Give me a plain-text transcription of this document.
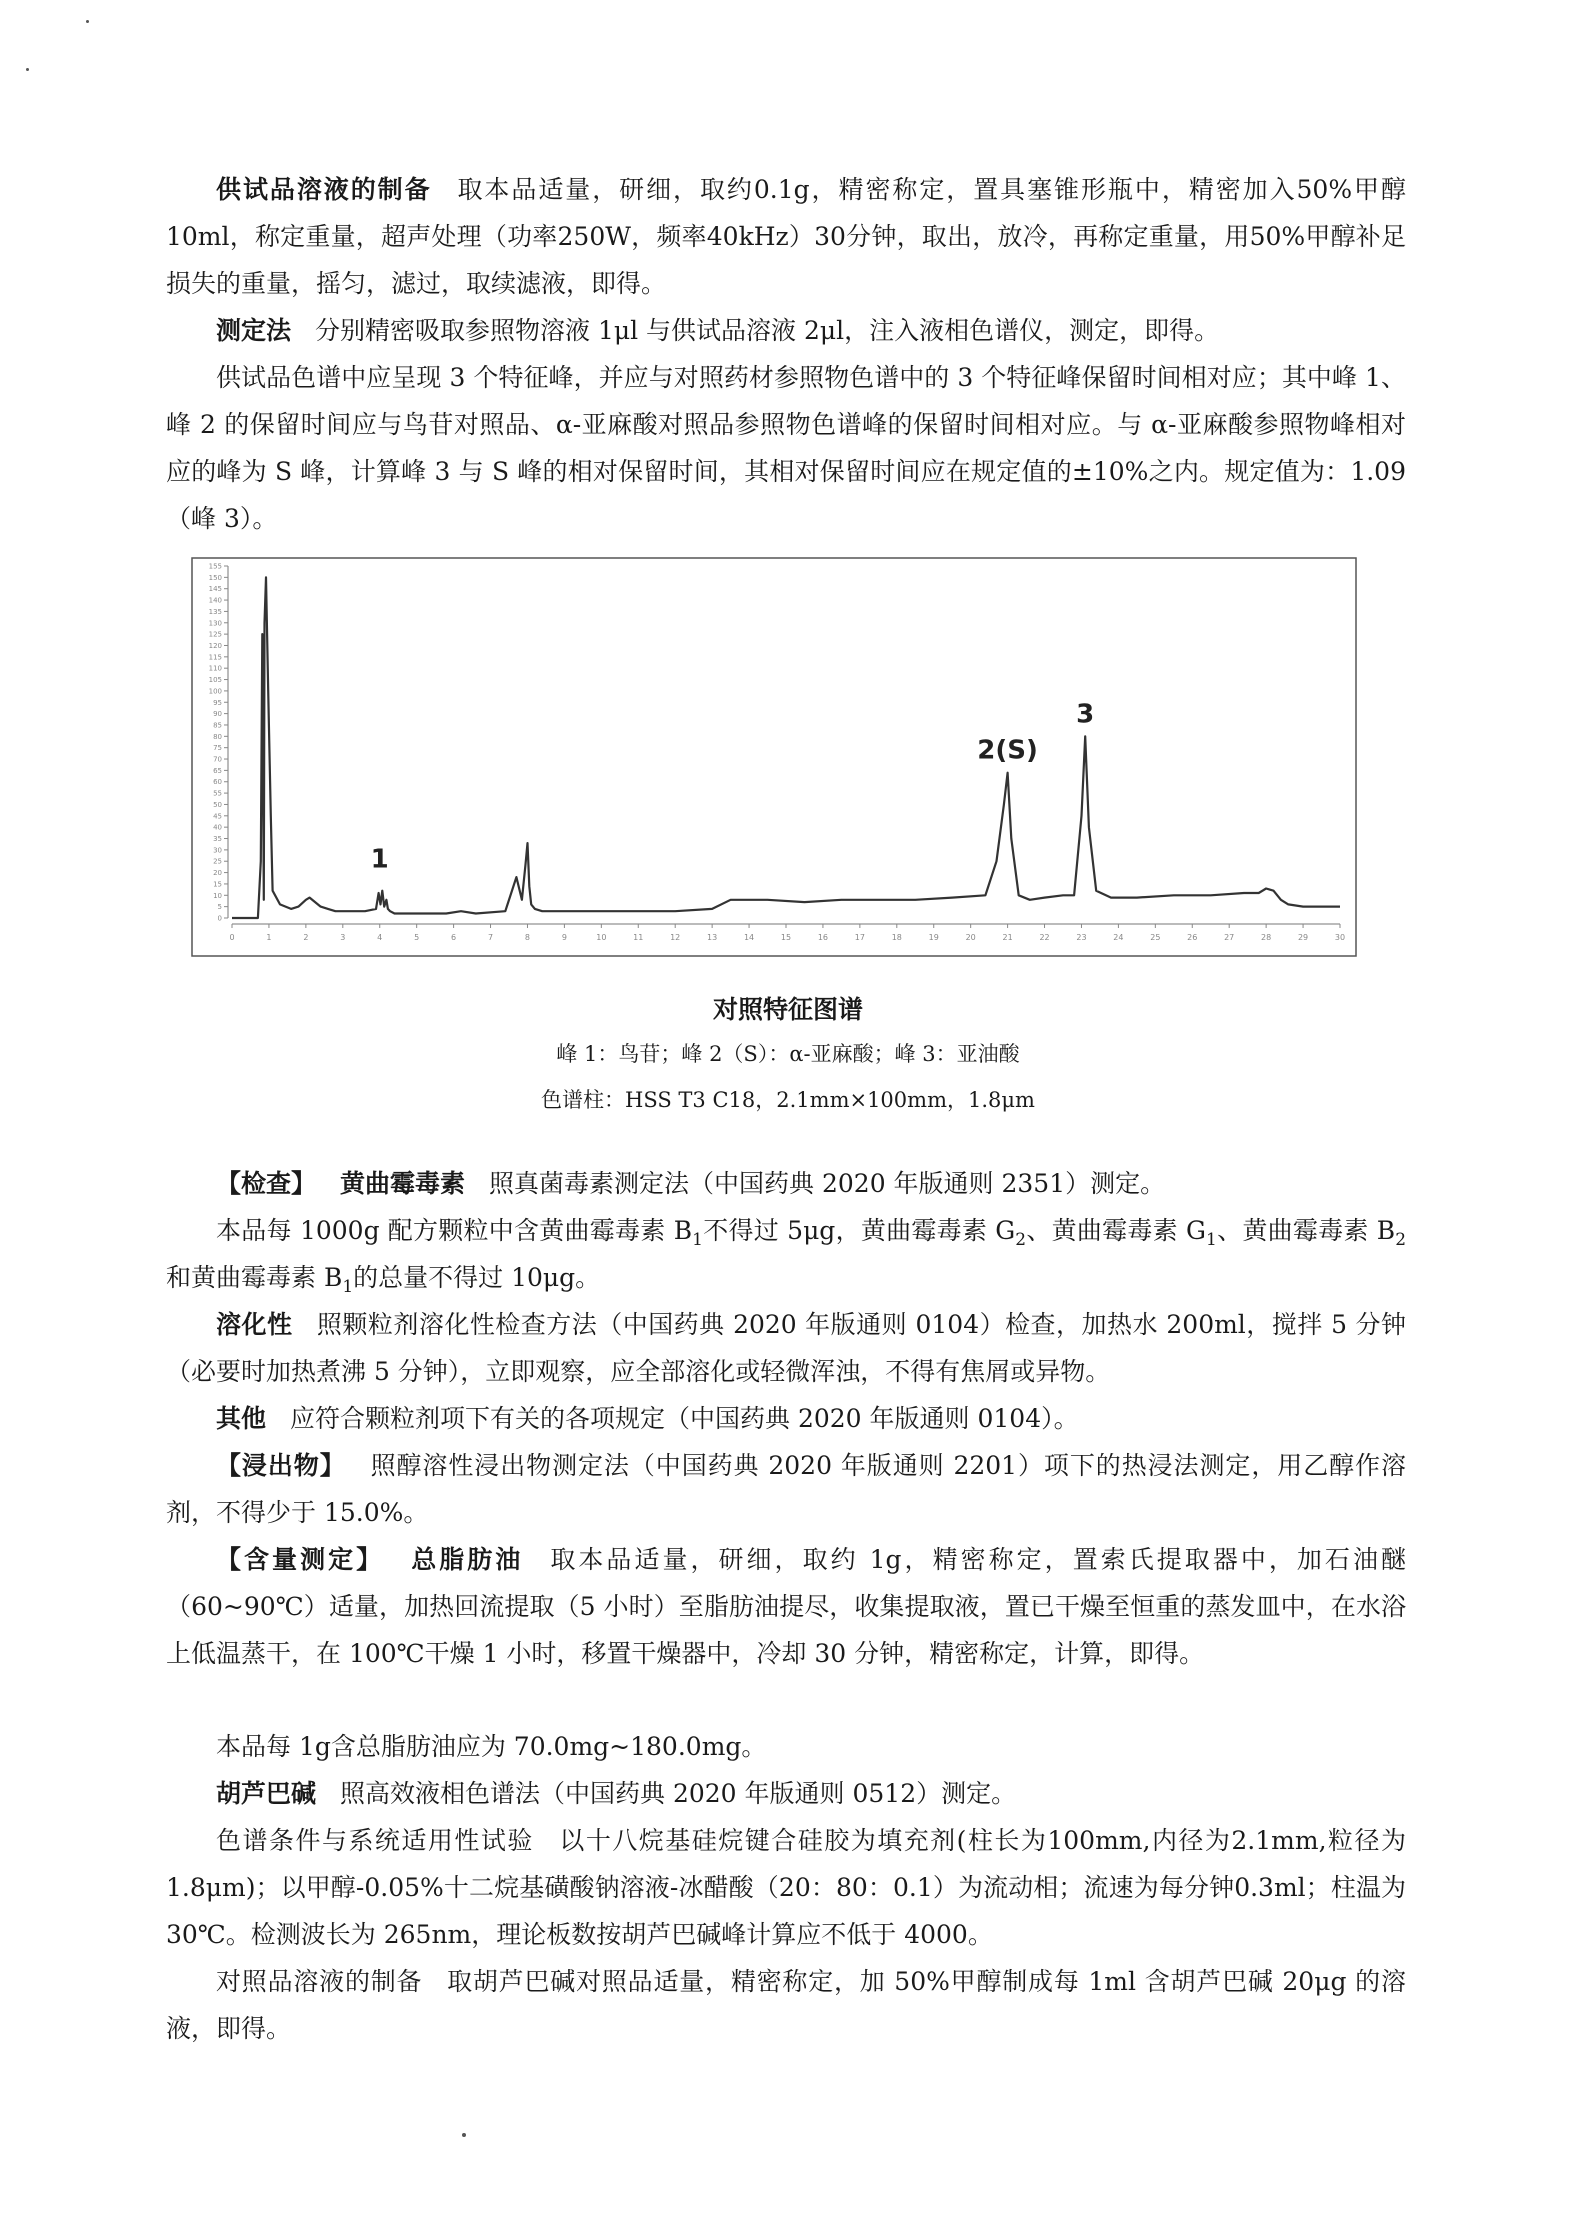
供试品溶液的制备 取本品适量，研细，取约0.1g，精密称定，置具塞锥形瓶中，精密加入50%甲醇10ml，称定重量，超声处理（功率250W，频率40kHz）30分钟，取出，放冷，再称定重量，用50%甲醇补足损失的重量，摇匀，滤过，取续滤液，即得。

测定法 分别精密吸取参照物溶液 1μl 与供试品溶液 2μl，注入液相色谱仪，测定，即得。

供试品色谱中应呈现 3 个特征峰，并应与对照药材参照物色谱中的 3 个特征峰保留时间相对应；其中峰 1、峰 2 的保留时间应与鸟苷对照品、α-亚麻酸对照品参照物色谱峰的保留时间相对应。与 α-亚麻酸参照物峰相对应的峰为 S 峰，计算峰 3 与 S 峰的相对保留时间，其相对保留时间应在规定值的±10%之内。规定值为：1.09（峰 3）。

0
5
10
15
20
25
30
35
40
45
50
55
60
65
70
75
80
85
90
95
100
105
110
115
120
125
130
135
140
145
150
155
0	1	2	3	4	5	6	7	8	9	10	11	12	13	14	15	16	17	18	19	20	21	22	23	24	25	26	27	28	29	30
1
2(S)
3

对照特征图谱

峰 1：鸟苷；峰 2（S）：α-亚麻酸；峰 3：亚油酸

色谱柱：HSS T3 C18，2.1mm×100mm，1.8μm

【检查】 黄曲霉毒素 照真菌毒素测定法（中国药典 2020 年版通则 2351）测定。

本品每 1000g 配方颗粒中含黄曲霉毒素 $B_1$不得过 5μg，黄曲霉毒素 $G_2$、黄曲霉毒素 $G_1$、黄曲霉毒素 $B_2$和黄曲霉毒素 $B_1$的总量不得过 10μg。

溶化性 照颗粒剂溶化性检查方法（中国药典 2020 年版通则 0104）检查，加热水 200ml，搅拌 5 分钟（必要时加热煮沸 5 分钟），立即观察，应全部溶化或轻微浑浊，不得有焦屑或异物。

其他 应符合颗粒剂项下有关的各项规定（中国药典 2020 年版通则 0104）。

【浸出物】 照醇溶性浸出物测定法（中国药典 2020 年版通则 2201）项下的热浸法测定，用乙醇作溶剂，不得少于 15.0%。

【含量测定】 总脂肪油 取本品适量，研细，取约 1g，精密称定，置索氏提取器中，加石油醚（60~90℃）适量，加热回流提取（5 小时）至脂肪油提尽，收集提取液，置已干燥至恒重的蒸发皿中，在水浴上低温蒸干，在 100℃干燥 1 小时，移置干燥器中，冷却 30 分钟，精密称定，计算，即得。

本品每 1g含总脂肪油应为 70.0mg~180.0mg。

胡芦巴碱 照高效液相色谱法（中国药典 2020 年版通则 0512）测定。

色谱条件与系统适用性试验 以十八烷基硅烷键合硅胶为填充剂(柱长为100mm,内径为2.1mm,粒径为1.8μm)；以甲醇-0.05%十二烷基磺酸钠溶液-冰醋酸（20：80：0.1）为流动相；流速为每分钟0.3ml；柱温为 30℃。检测波长为 265nm，理论板数按胡芦巴碱峰计算应不低于 4000。

对照品溶液的制备 取胡芦巴碱对照品适量，精密称定，加 50%甲醇制成每 1ml 含胡芦巴碱 20μg 的溶液，即得。
